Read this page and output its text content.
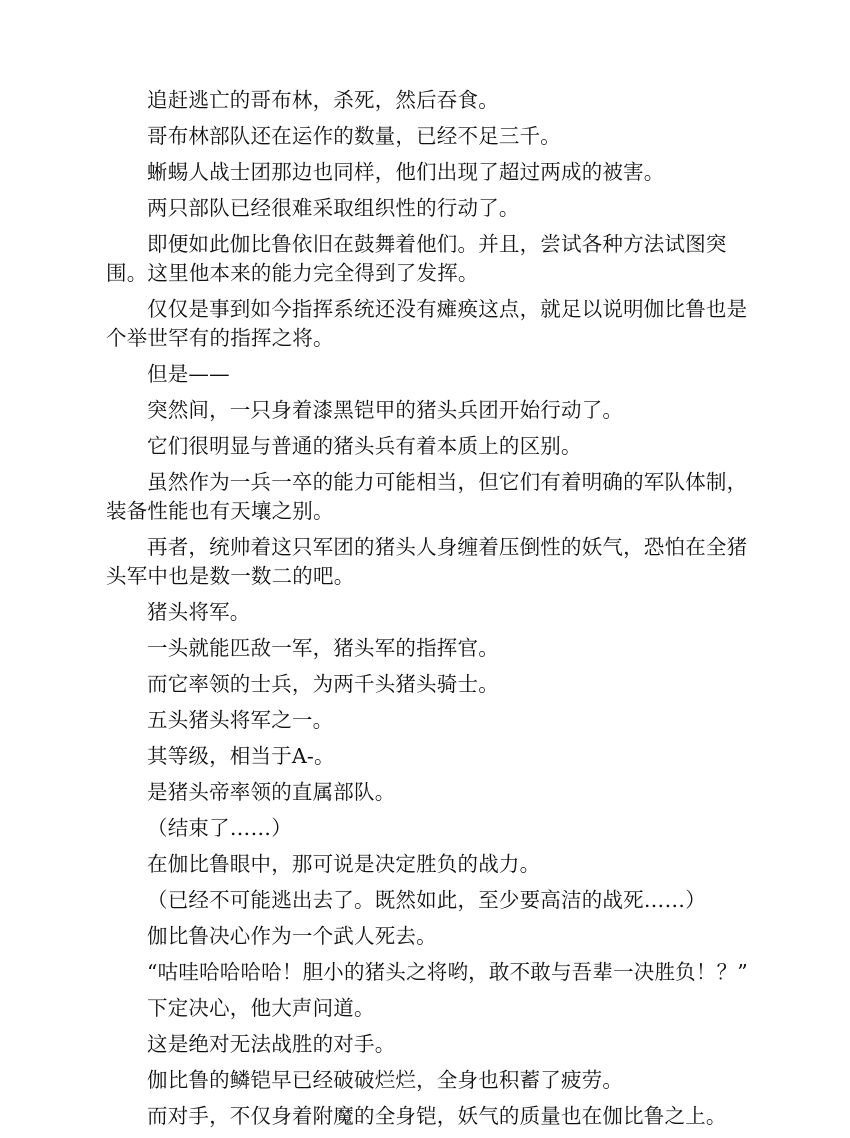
追赶逃亡的哥布林，杀死，然后吞食。

哥布林部队还在运作的数量，已经不足三千。

蜥蜴人战士团那边也同样，他们出现了超过两成的被害。

两只部队已经很难采取组织性的行动了。

即便如此伽比鲁依旧在鼓舞着他们。并且，尝试各种方法试图突围。这里他本来的能力完全得到了发挥。

仅仅是事到如今指挥系统还没有瘫痪这点，就足以说明伽比鲁也是个举世罕有的指挥之将。

但是——

突然间，一只身着漆黑铠甲的猪头兵团开始行动了。

它们很明显与普通的猪头兵有着本质上的区别。

虽然作为一兵一卒的能力可能相当，但它们有着明确的军队体制，装备性能也有天壤之别。

再者，统帅着这只军团的猪头人身缠着压倒性的妖气，恐怕在全猪头军中也是数一数二的吧。

猪头将军。

一头就能匹敌一军，猪头军的指挥官。

而它率领的士兵，为两千头猪头骑士。

五头猪头将军之一。

其等级，相当于A-。

是猪头帝率领的直属部队。

（结束了……）

在伽比鲁眼中，那可说是决定胜负的战力。

（已经不可能逃出去了。既然如此，至少要高洁的战死……）

伽比鲁决心作为一个武人死去。

“咕哇哈哈哈哈！胆小的猪头之将哟，敢不敢与吾辈一决胜负！？”

下定决心，他大声问道。

这是绝对无法战胜的对手。

伽比鲁的鳞铠早已经破破烂烂，全身也积蓄了疲劳。

而对手，不仅身着附魔的全身铠，妖气的质量也在伽比鲁之上。
